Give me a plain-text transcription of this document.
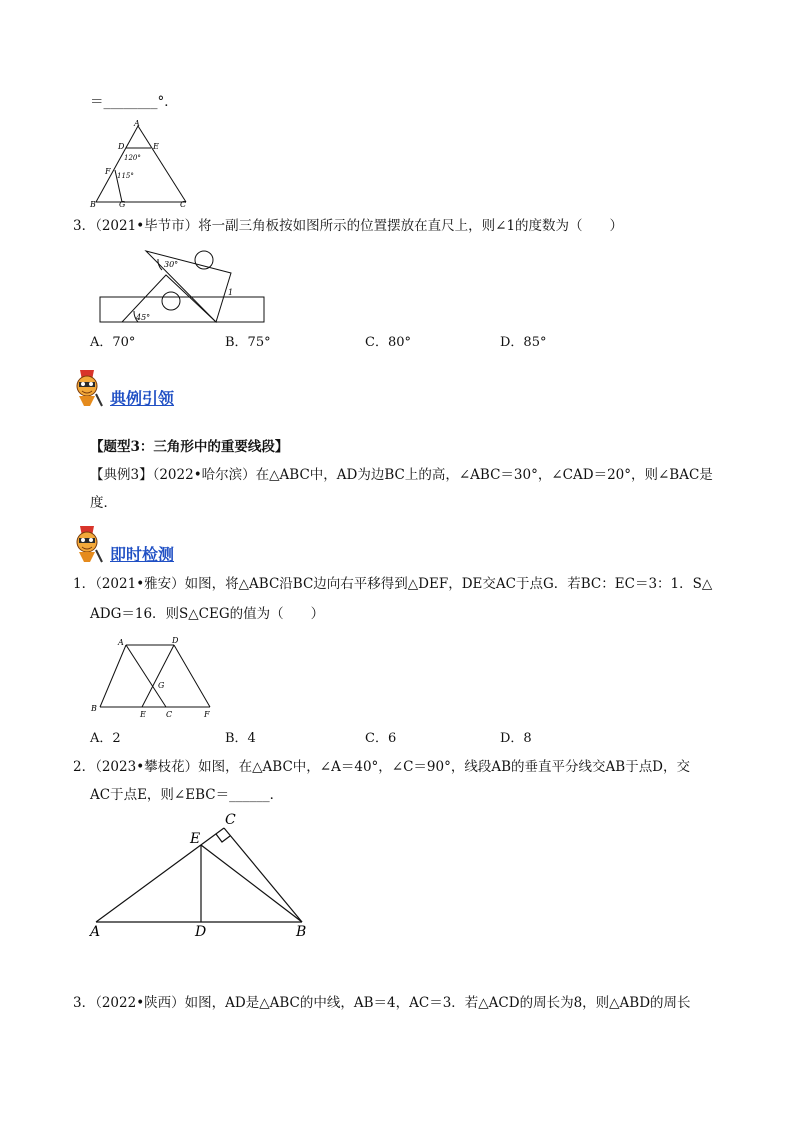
＝________°．
A
D	E
120°
F 115°
B	G	C
3．（2021•毕节市）将一副三角板按如图所示的位置摆放在直尺上，则∠1的度数为（　　）
30°
45°
1
A．70°	B．75°	C．80°	D．85°
典例引领
【题型3：三角形中的重要线段】
【典例3】（2022•哈尔滨）在△ABC中，AD为边BC上的高，∠ABC＝30°，∠CAD＝20°，则∠BAC是
度．
即时检测
1．（2021•雅安）如图，将△ABC沿BC边向右平移得到△DEF，DE交AC于点G．若BC：EC＝3：1．S△
ADG＝16．则S△CEG的值为（　　）
A	D
G
B
E	C	F
A．2	B．4	C．6	D．8
2．（2023•攀枝花）如图，在△ABC中，∠A＝40°，∠C＝90°，线段AB的垂直平分线交AB于点D，交
AC于点E，则∠EBC＝______．
A	D	B
E
C
3．（2022•陕西）如图，AD是△ABC的中线，AB＝4，AC＝3．若△ACD的周长为8，则△ABD的周长
